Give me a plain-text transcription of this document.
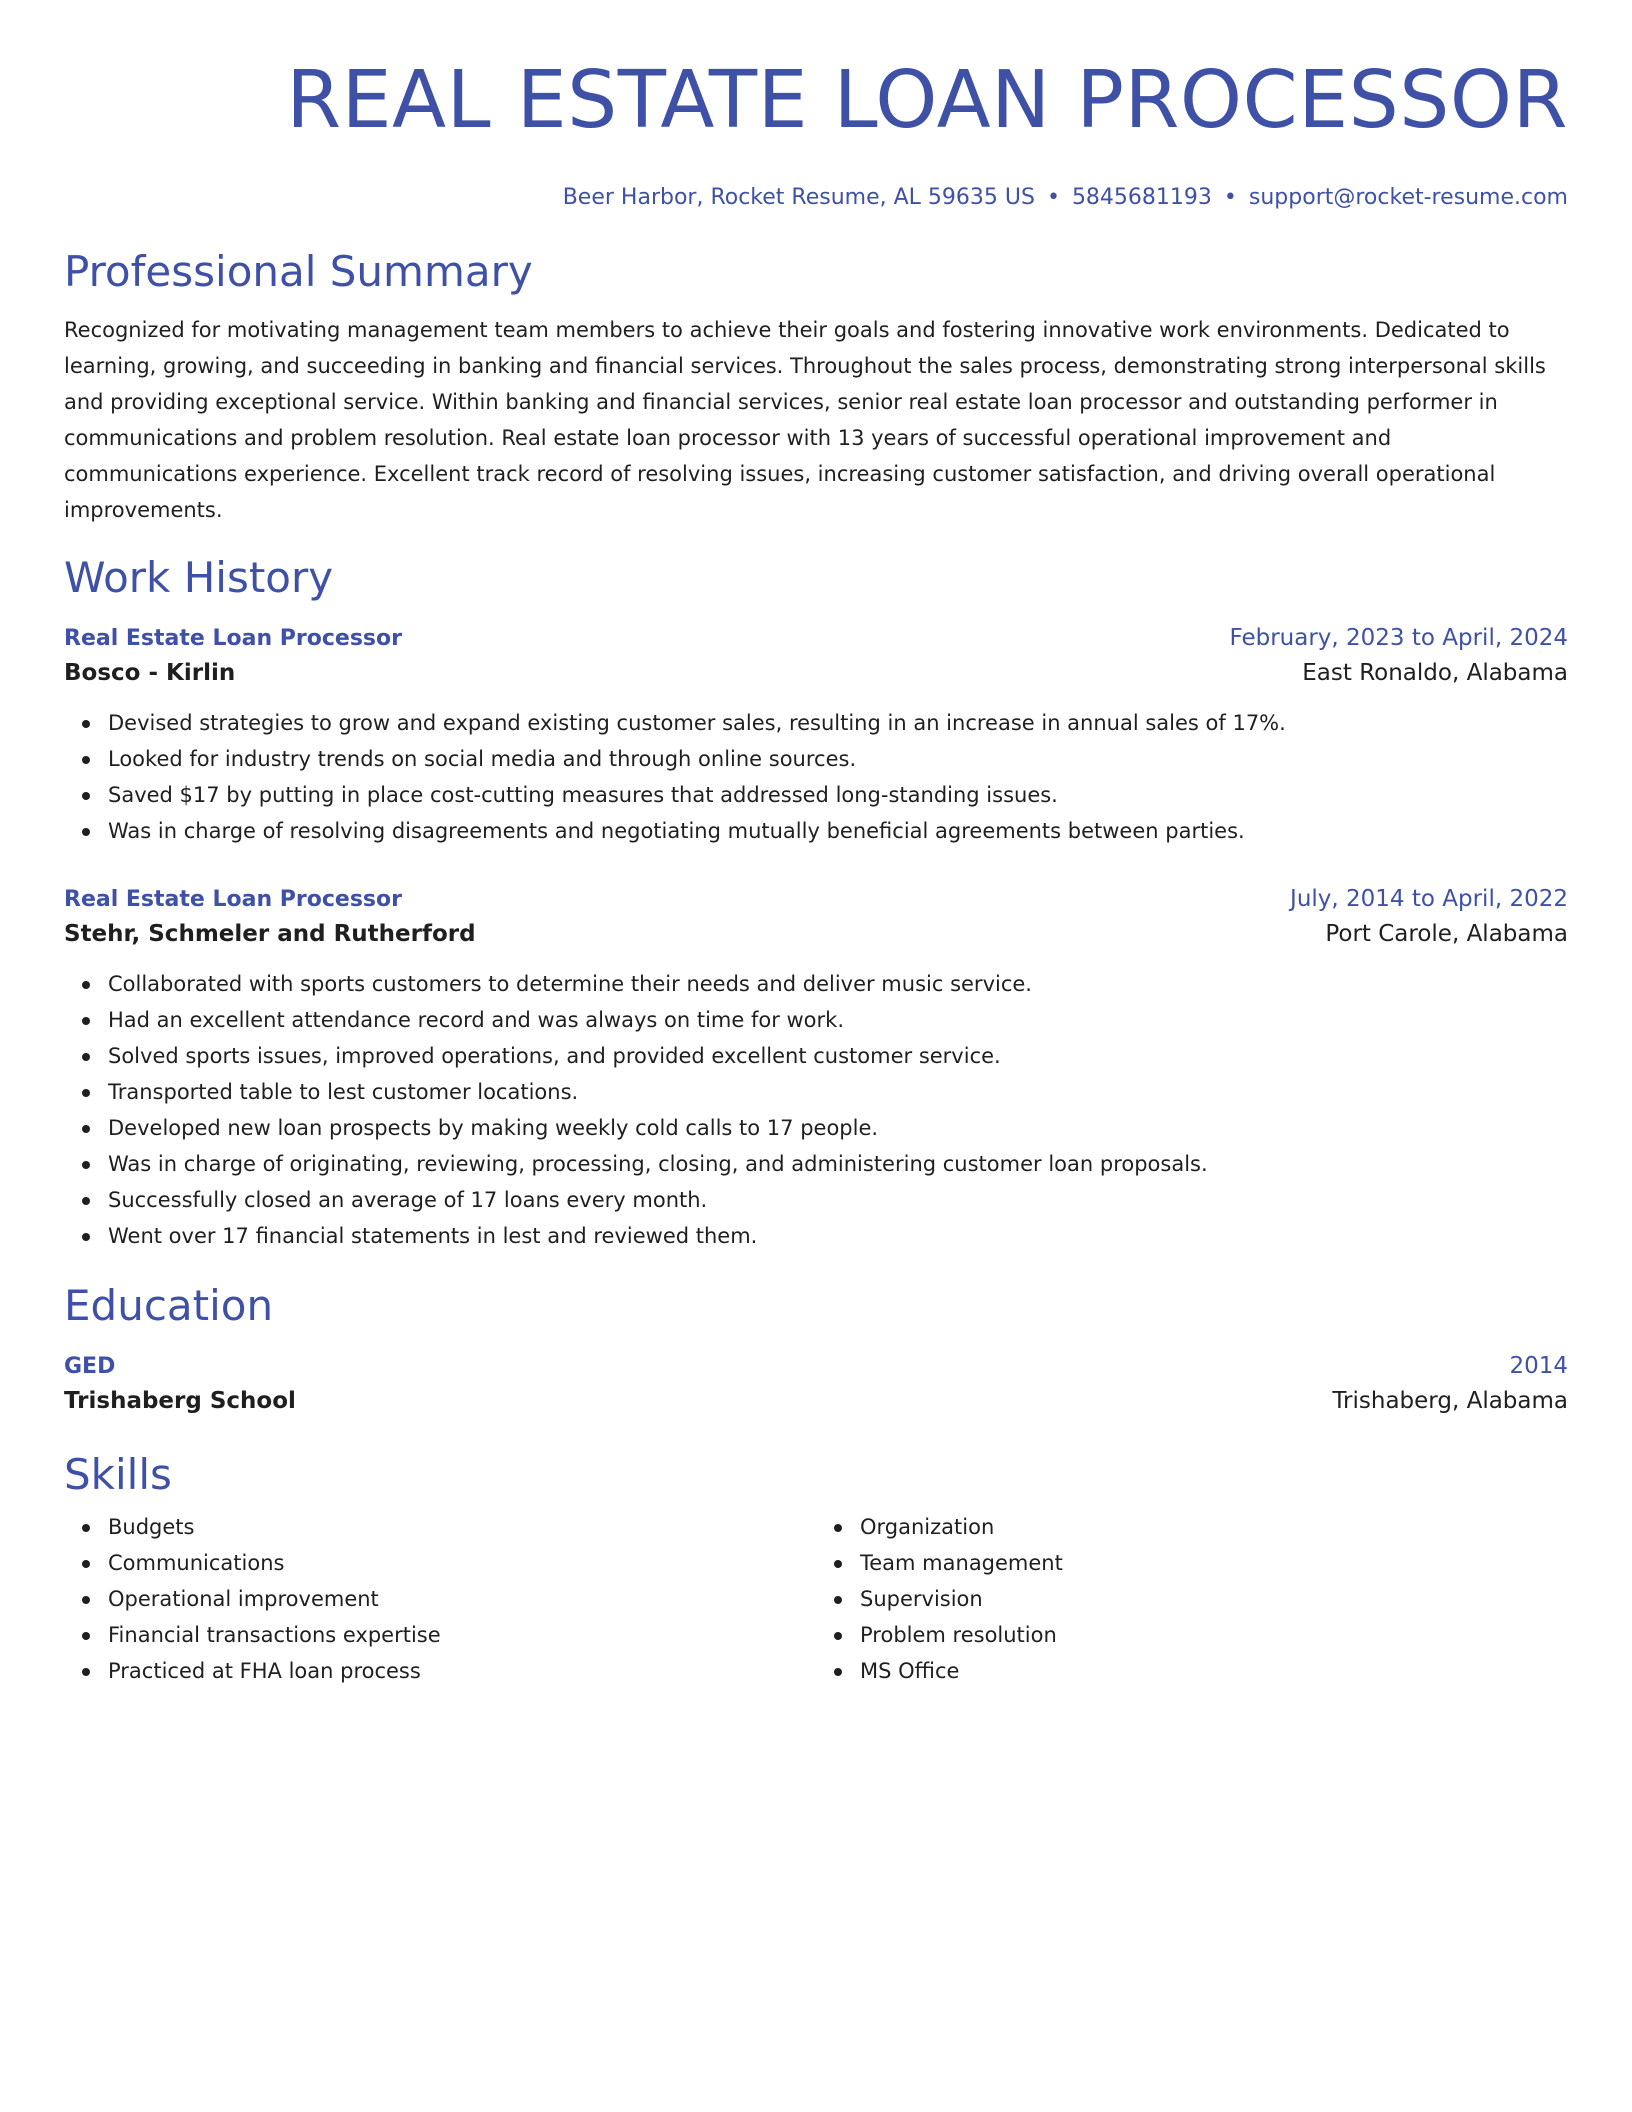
REAL ESTATE LOAN PROCESSOR
Beer Harbor, Rocket Resume, AL 59635 US • 5845681193 • support@rocket-resume.com
Professional Summary
Recognized for motivating management team members to achieve their goals and fostering innovative work environments. Dedicated to learning, growing, and succeeding in banking and financial services. Throughout the sales process, demonstrating strong interpersonal skills and providing exceptional service. Within banking and financial services, senior real estate loan processor and outstanding performer in communications and problem resolution. Real estate loan processor with 13 years of successful operational improvement and communications experience. Excellent track record of resolving issues, increasing customer satisfaction, and driving overall operational improvements.
Work History
Real Estate Loan Processor	February, 2023 to April, 2024
Bosco - Kirlin	East Ronaldo, Alabama
Devised strategies to grow and expand existing customer sales, resulting in an increase in annual sales of 17%.
Looked for industry trends on social media and through online sources.
Saved $17 by putting in place cost-cutting measures that addressed long-standing issues.
Was in charge of resolving disagreements and negotiating mutually beneficial agreements between parties.
Real Estate Loan Processor	July, 2014 to April, 2022
Stehr, Schmeler and Rutherford	Port Carole, Alabama
Collaborated with sports customers to determine their needs and deliver music service.
Had an excellent attendance record and was always on time for work.
Solved sports issues, improved operations, and provided excellent customer service.
Transported table to lest customer locations.
Developed new loan prospects by making weekly cold calls to 17 people.
Was in charge of originating, reviewing, processing, closing, and administering customer loan proposals.
Successfully closed an average of 17 loans every month.
Went over 17 financial statements in lest and reviewed them.
Education
GED	2014
Trishaberg School	Trishaberg, Alabama
Skills
Budgets
Communications
Operational improvement
Financial transactions expertise
Practiced at FHA loan process
Organization
Team management
Supervision
Problem resolution
MS Office
